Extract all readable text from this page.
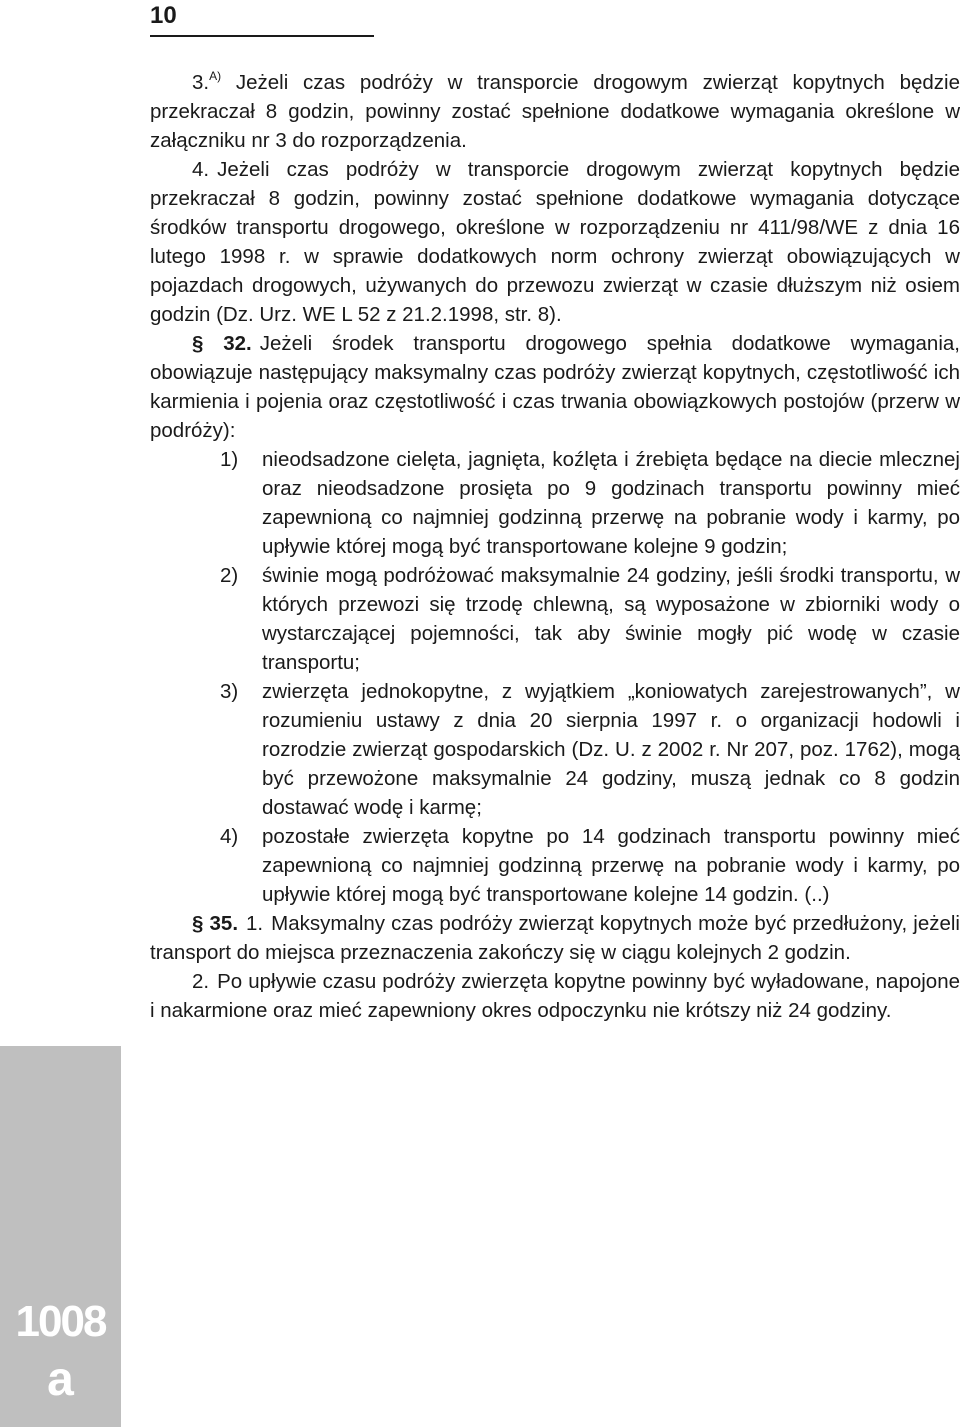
10
1008
a

3.$^{A)}$ Jeżeli czas podróży w transporcie drogowym zwierząt kopytnych będzie przekraczał 8 godzin, powinny zostać spełnione dodatkowe wymagania określone w załączniku nr 3 do rozporządzenia.

4. Jeżeli czas podróży w transporcie drogowym zwierząt kopytnych będzie przekraczał 8 godzin, powinny zostać spełnione dodatkowe wymagania dotyczące środków transportu drogowego, określone w rozporządzeniu nr 411/98/WE z dnia 16 lutego 1998 r. w sprawie dodatkowych norm ochrony zwierząt obowiązujących w pojazdach drogowych, używanych do przewozu zwierząt w czasie dłuższym niż osiem godzin (Dz. Urz. WE L 52 z 21.2.1998, str. 8).

§ 32. Jeżeli środek transportu drogowego spełnia dodatkowe wymagania, obowiązuje następujący maksymalny czas podróży zwierząt kopytnych, częstotliwość ich karmienia i pojenia oraz częstotliwość i czas trwania obowiązkowych postojów (przerw w podróży):

1)	nieodsadzone cielęta, jagnięta, koźlęta i źrebięta będące na diecie mlecznej oraz nieodsadzone prosięta po 9 godzinach transportu powinny mieć zapewnioną co najmniej godzinną przerwę na pobranie wody i karmy, po upływie której mogą być transportowane kolejne 9 godzin;
2)	świnie mogą podróżować maksymalnie 24 godziny, jeśli środki transportu, w których przewozi się trzodę chlewną, są wyposażone w zbiorniki wody o wystarczającej pojemności, tak aby świnie mogły pić wodę w czasie transportu;
3)	zwierzęta jednokopytne, z wyjątkiem „koniowatych zarejestrowanych”, w rozumieniu ustawy z dnia 20 sierpnia 1997 r. o organizacji hodowli i rozrodzie zwierząt gospodarskich (Dz. U. z 2002 r. Nr 207, poz. 1762), mogą być przewożone maksymalnie 24 godziny, muszą jednak co 8 godzin dostawać wodę i karmę;
4)	pozostałe zwierzęta kopytne po 14 godzinach transportu powinny mieć zapewnioną co najmniej godzinną przerwę na pobranie wody i karmy, po upływie której mogą być transportowane kolejne 14 godzin. (..)

§ 35. 1. Maksymalny czas podróży zwierząt kopytnych może być przedłużony, jeżeli transport do miejsca przeznaczenia zakończy się w ciągu kolejnych 2 godzin.

2. Po upływie czasu podróży zwierzęta kopytne powinny być wyładowane, napojone i nakarmione oraz mieć zapewniony okres odpoczynku nie krótszy niż 24 godziny.
